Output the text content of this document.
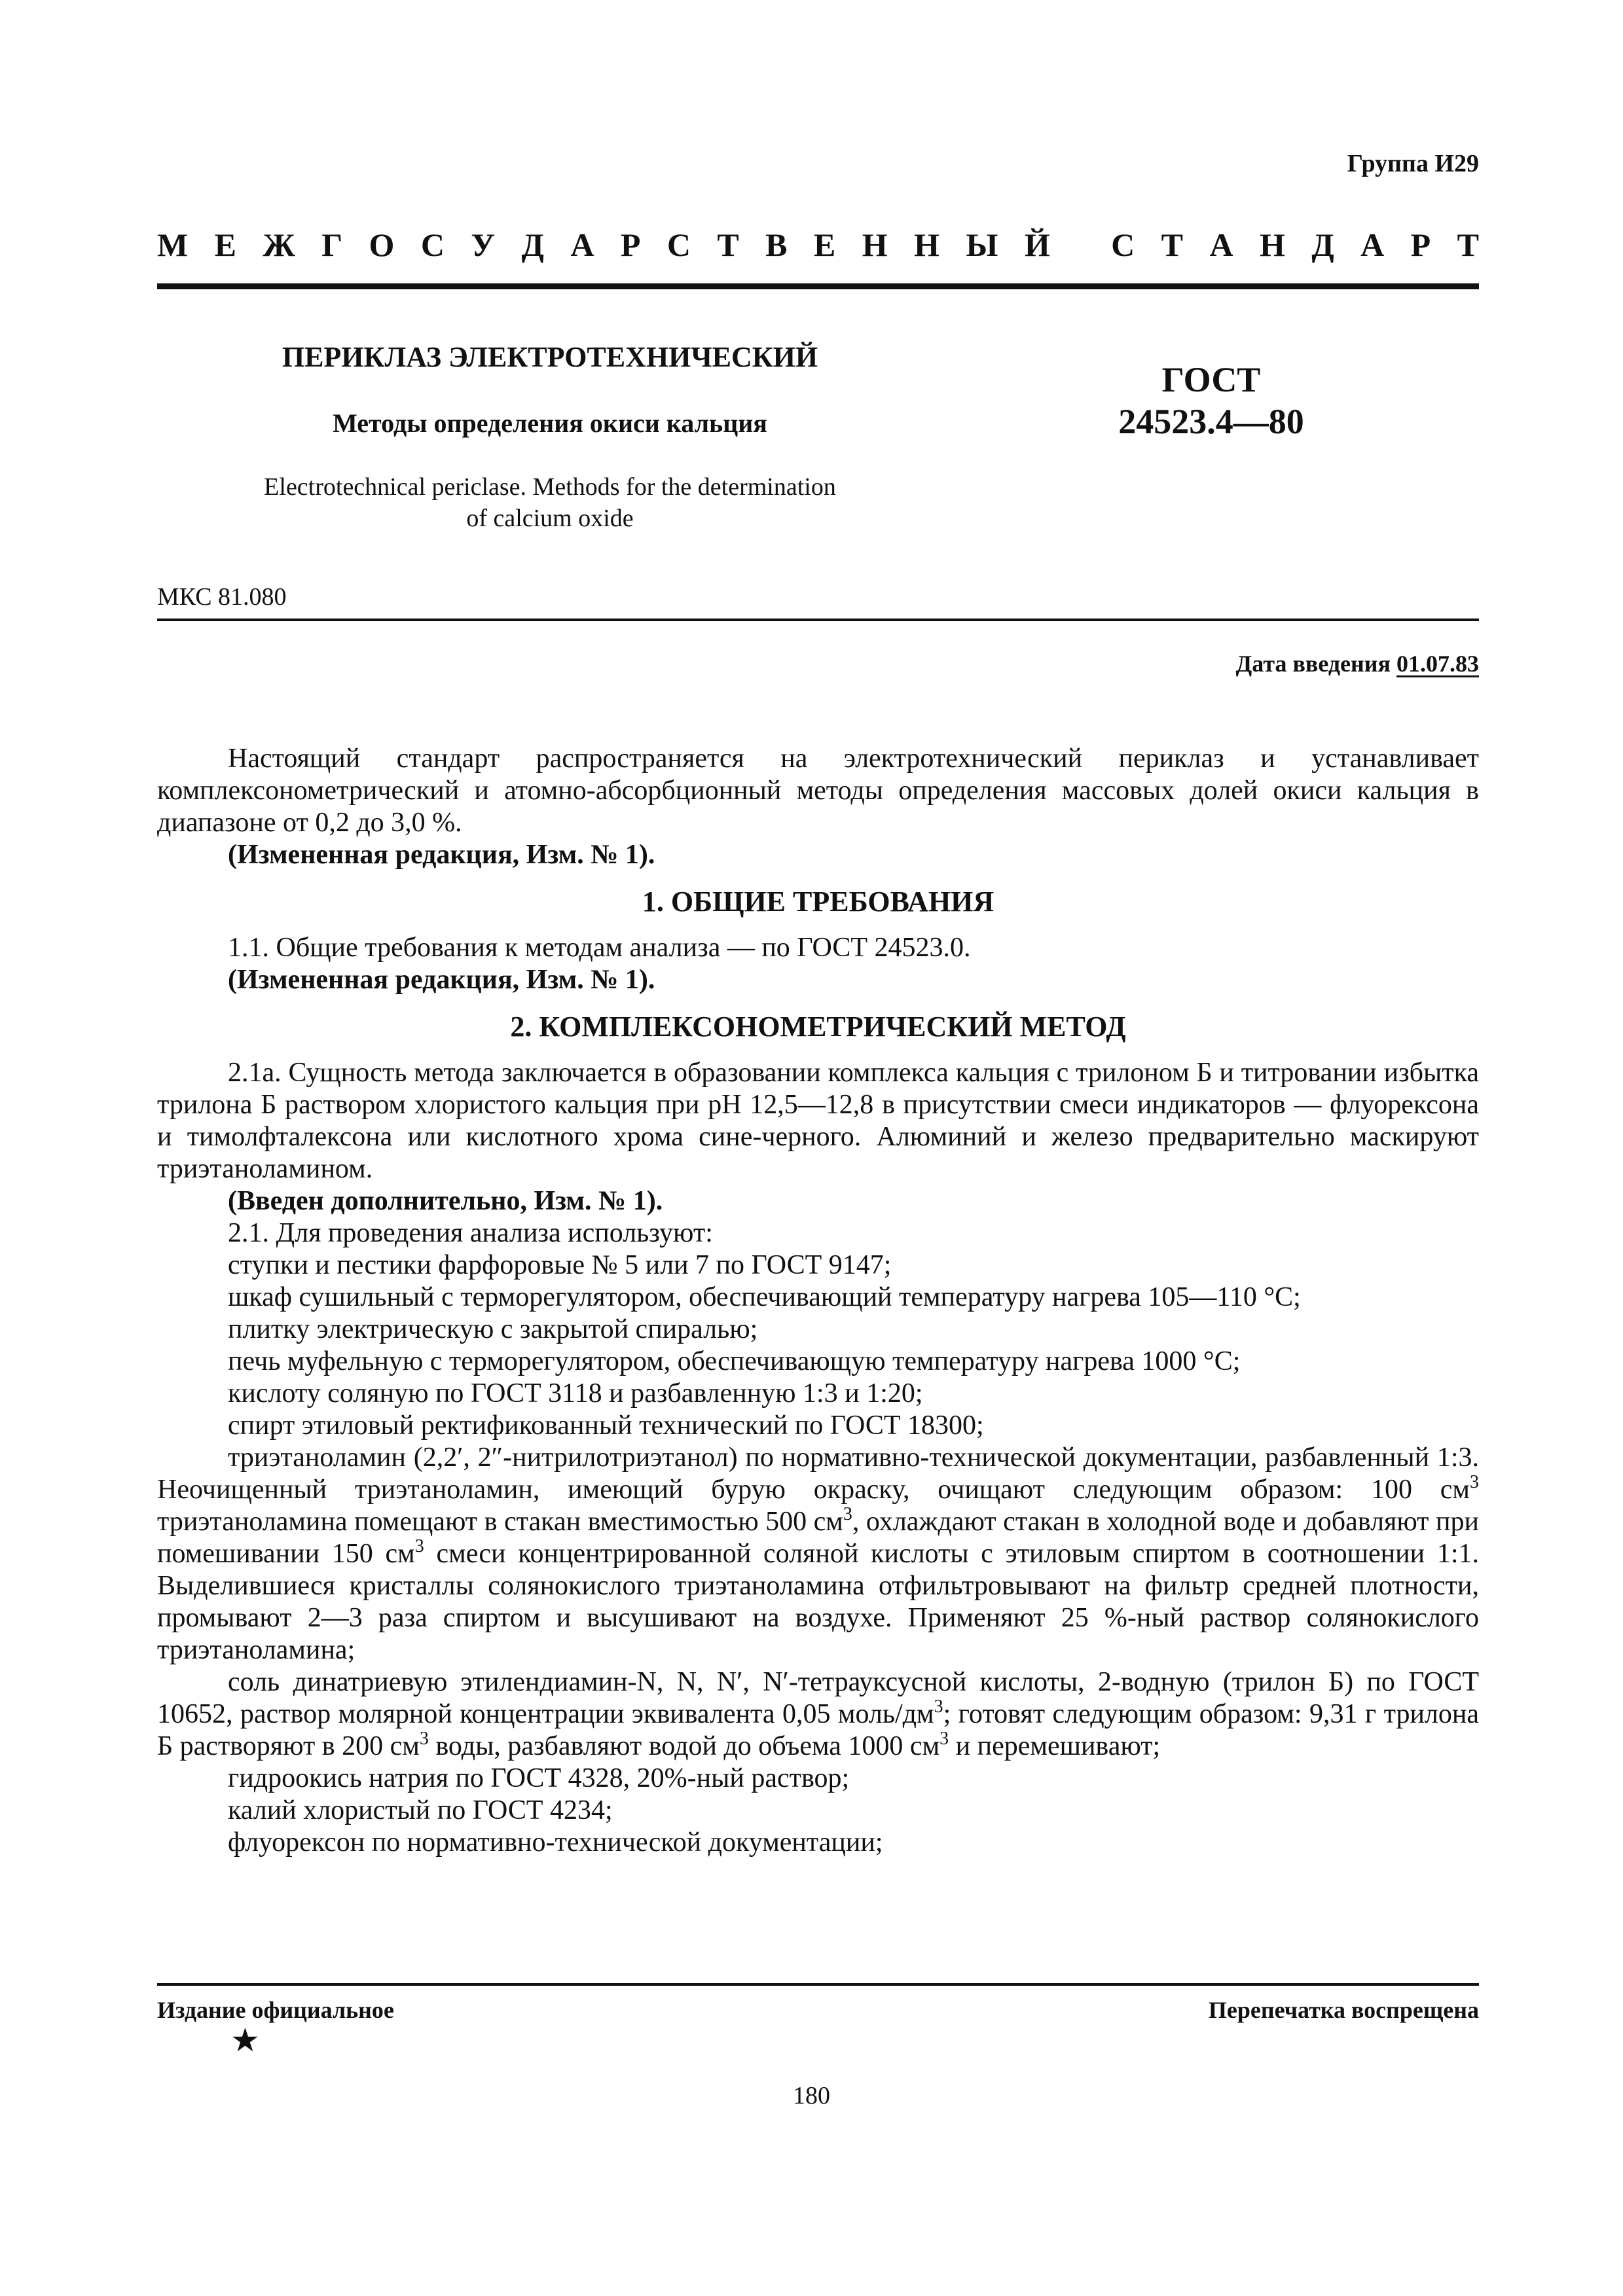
Группа И29
М Е Ж Г О С У Д А Р С Т В Е Н Н Ы Й
С Т А Н Д А Р Т
ПЕРИКЛАЗ ЭЛЕКТРОТЕХНИЧЕСКИЙ
Методы определения окиси кальция
Electrotechnical periclase. Methods for the determination
of calcium oxide
ГОСТ
24523.4—80
МКС 81.080
Дата введения 01.07.83

Настоящий стандарт распространяется на электротехнический периклаз и устанавливает комплексонометрический и атомно-абсорбционный методы определения массовых долей окиси кальция в диапазоне от 0,2 до 3,0 %.

(Измененная редакция, Изм. № 1).

1. ОБЩИЕ ТРЕБОВАНИЯ

1.1. Общие требования к методам анализа — по ГОСТ 24523.0.

(Измененная редакция, Изм. № 1).

2. КОМПЛЕКСОНОМЕТРИЧЕСКИЙ МЕТОД

2.1а. Сущность метода заключается в образовании комплекса кальция с трилоном Б и титровании избытка трилона Б раствором хлористого кальция при pH 12,5—12,8 в присутствии смеси индикаторов — флуорексона и тимолфталексона или кислотного хрома сине-черного. Алюминий и железо предварительно маскируют триэтаноламином.

(Введен дополнительно, Изм. № 1).

2.1. Для проведения анализа используют:

ступки и пестики фарфоровые № 5 или 7 по ГОСТ 9147;

шкаф сушильный с терморегулятором, обеспечивающий температуру нагрева 105—110 °С;

плитку электрическую с закрытой спиралью;

печь муфельную с терморегулятором, обеспечивающую температуру нагрева 1000 °С;

кислоту соляную по ГОСТ 3118 и разбавленную 1:3 и 1:20;

спирт этиловый ректификованный технический по ГОСТ 18300;

триэтаноламин (2,2′, 2″-нитрилотриэтанол) по нормативно-технической документации, разбавленный 1:3. Неочищенный триэтаноламин, имеющий бурую окраску, очищают следующим образом: 100 $см^3$ триэтаноламина помещают в стакан вместимостью 500 $см^3$, охлаждают стакан в холодной воде и добавляют при помешивании 150 $см^3$ смеси концентрированной соляной кислоты с этиловым спиртом в соотношении 1:1. Выделившиеся кристаллы солянокислого триэтаноламина отфильтровывают на фильтр средней плотности, промывают 2—3 раза спиртом и высушивают на воздухе. Применяют 25 %-ный раствор солянокислого триэтаноламина;

соль динатриевую этилендиамин-N, N, N′, N′-тетрауксусной кислоты, 2-водную (трилон Б) по ГОСТ 10652, раствор молярной концентрации эквивалента 0,05 моль/$дм^3$; готовят следующим образом: 9,31 г трилона Б растворяют в 200 $см^3$ воды, разбавляют водой до объема 1000 $см^3$ и перемешивают;

гидроокись натрия по ГОСТ 4328, 20%-ный раствор;

калий хлористый по ГОСТ 4234;

флуорексон по нормативно-технической документации;

Издание официальное	Перепечатка воспрещена
★
180
